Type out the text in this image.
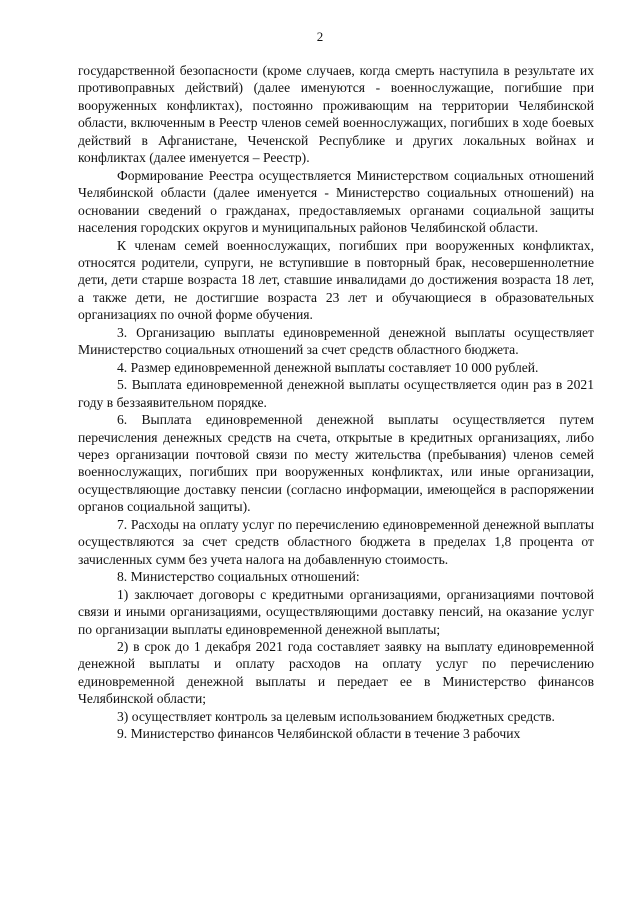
2

государственной безопасности (кроме случаев, когда смерть наступила в результате их противоправных действий) (далее именуются - военнослужащие, погибшие при вооруженных конфликтах), постоянно проживающим на территории Челябинской области, включенным в Реестр членов семей военнослужащих, погибших в ходе боевых действий в Афганистане, Чеченской Республике и других локальных войнах и конфликтах (далее именуется – Реестр).

Формирование Реестра осуществляется Министерством социальных отношений Челябинской области (далее именуется - Министерство социальных отношений) на основании сведений о гражданах, предоставляемых органами социальной защиты населения городских округов и муниципальных районов Челябинской области.

К членам семей военнослужащих, погибших при вооруженных конфликтах, относятся родители, супруги, не вступившие в повторный брак, несовершеннолетние дети, дети старше возраста 18 лет, ставшие инвалидами до достижения возраста 18 лет, а также дети, не достигшие возраста 23 лет и обучающиеся в образовательных организациях по очной форме обучения.

3. Организацию выплаты единовременной денежной выплаты осуществляет Министерство социальных отношений за счет средств областного бюджета.

4. Размер единовременной денежной выплаты составляет 10 000 рублей.

5. Выплата единовременной денежной выплаты осуществляется один раз в 2021 году в беззаявительном порядке.

6. Выплата единовременной денежной выплаты осуществляется путем перечисления денежных средств на счета, открытые в кредитных организациях, либо через организации почтовой связи по месту жительства (пребывания) членов семей военнослужащих, погибших при вооруженных конфликтах, или иные организации, осуществляющие доставку пенсии (согласно информации, имеющейся в распоряжении органов социальной защиты).

7. Расходы на оплату услуг по перечислению единовременной денежной выплаты осуществляются за счет средств областного бюджета в пределах 1,8 процента от зачисленных сумм без учета налога на добавленную стоимость.

8. Министерство социальных отношений:

1) заключает договоры с кредитными организациями, организациями почтовой связи и иными организациями, осуществляющими доставку пенсий, на оказание услуг по организации выплаты единовременной денежной выплаты;

2) в срок до 1 декабря 2021 года составляет заявку на выплату единовременной денежной выплаты и оплату расходов на оплату услуг по перечислению единовременной денежной выплаты и передает ее в Министерство финансов Челябинской области;

3) осуществляет контроль за целевым использованием бюджетных средств.

9. Министерство финансов Челябинской области в течение 3 рабочих
